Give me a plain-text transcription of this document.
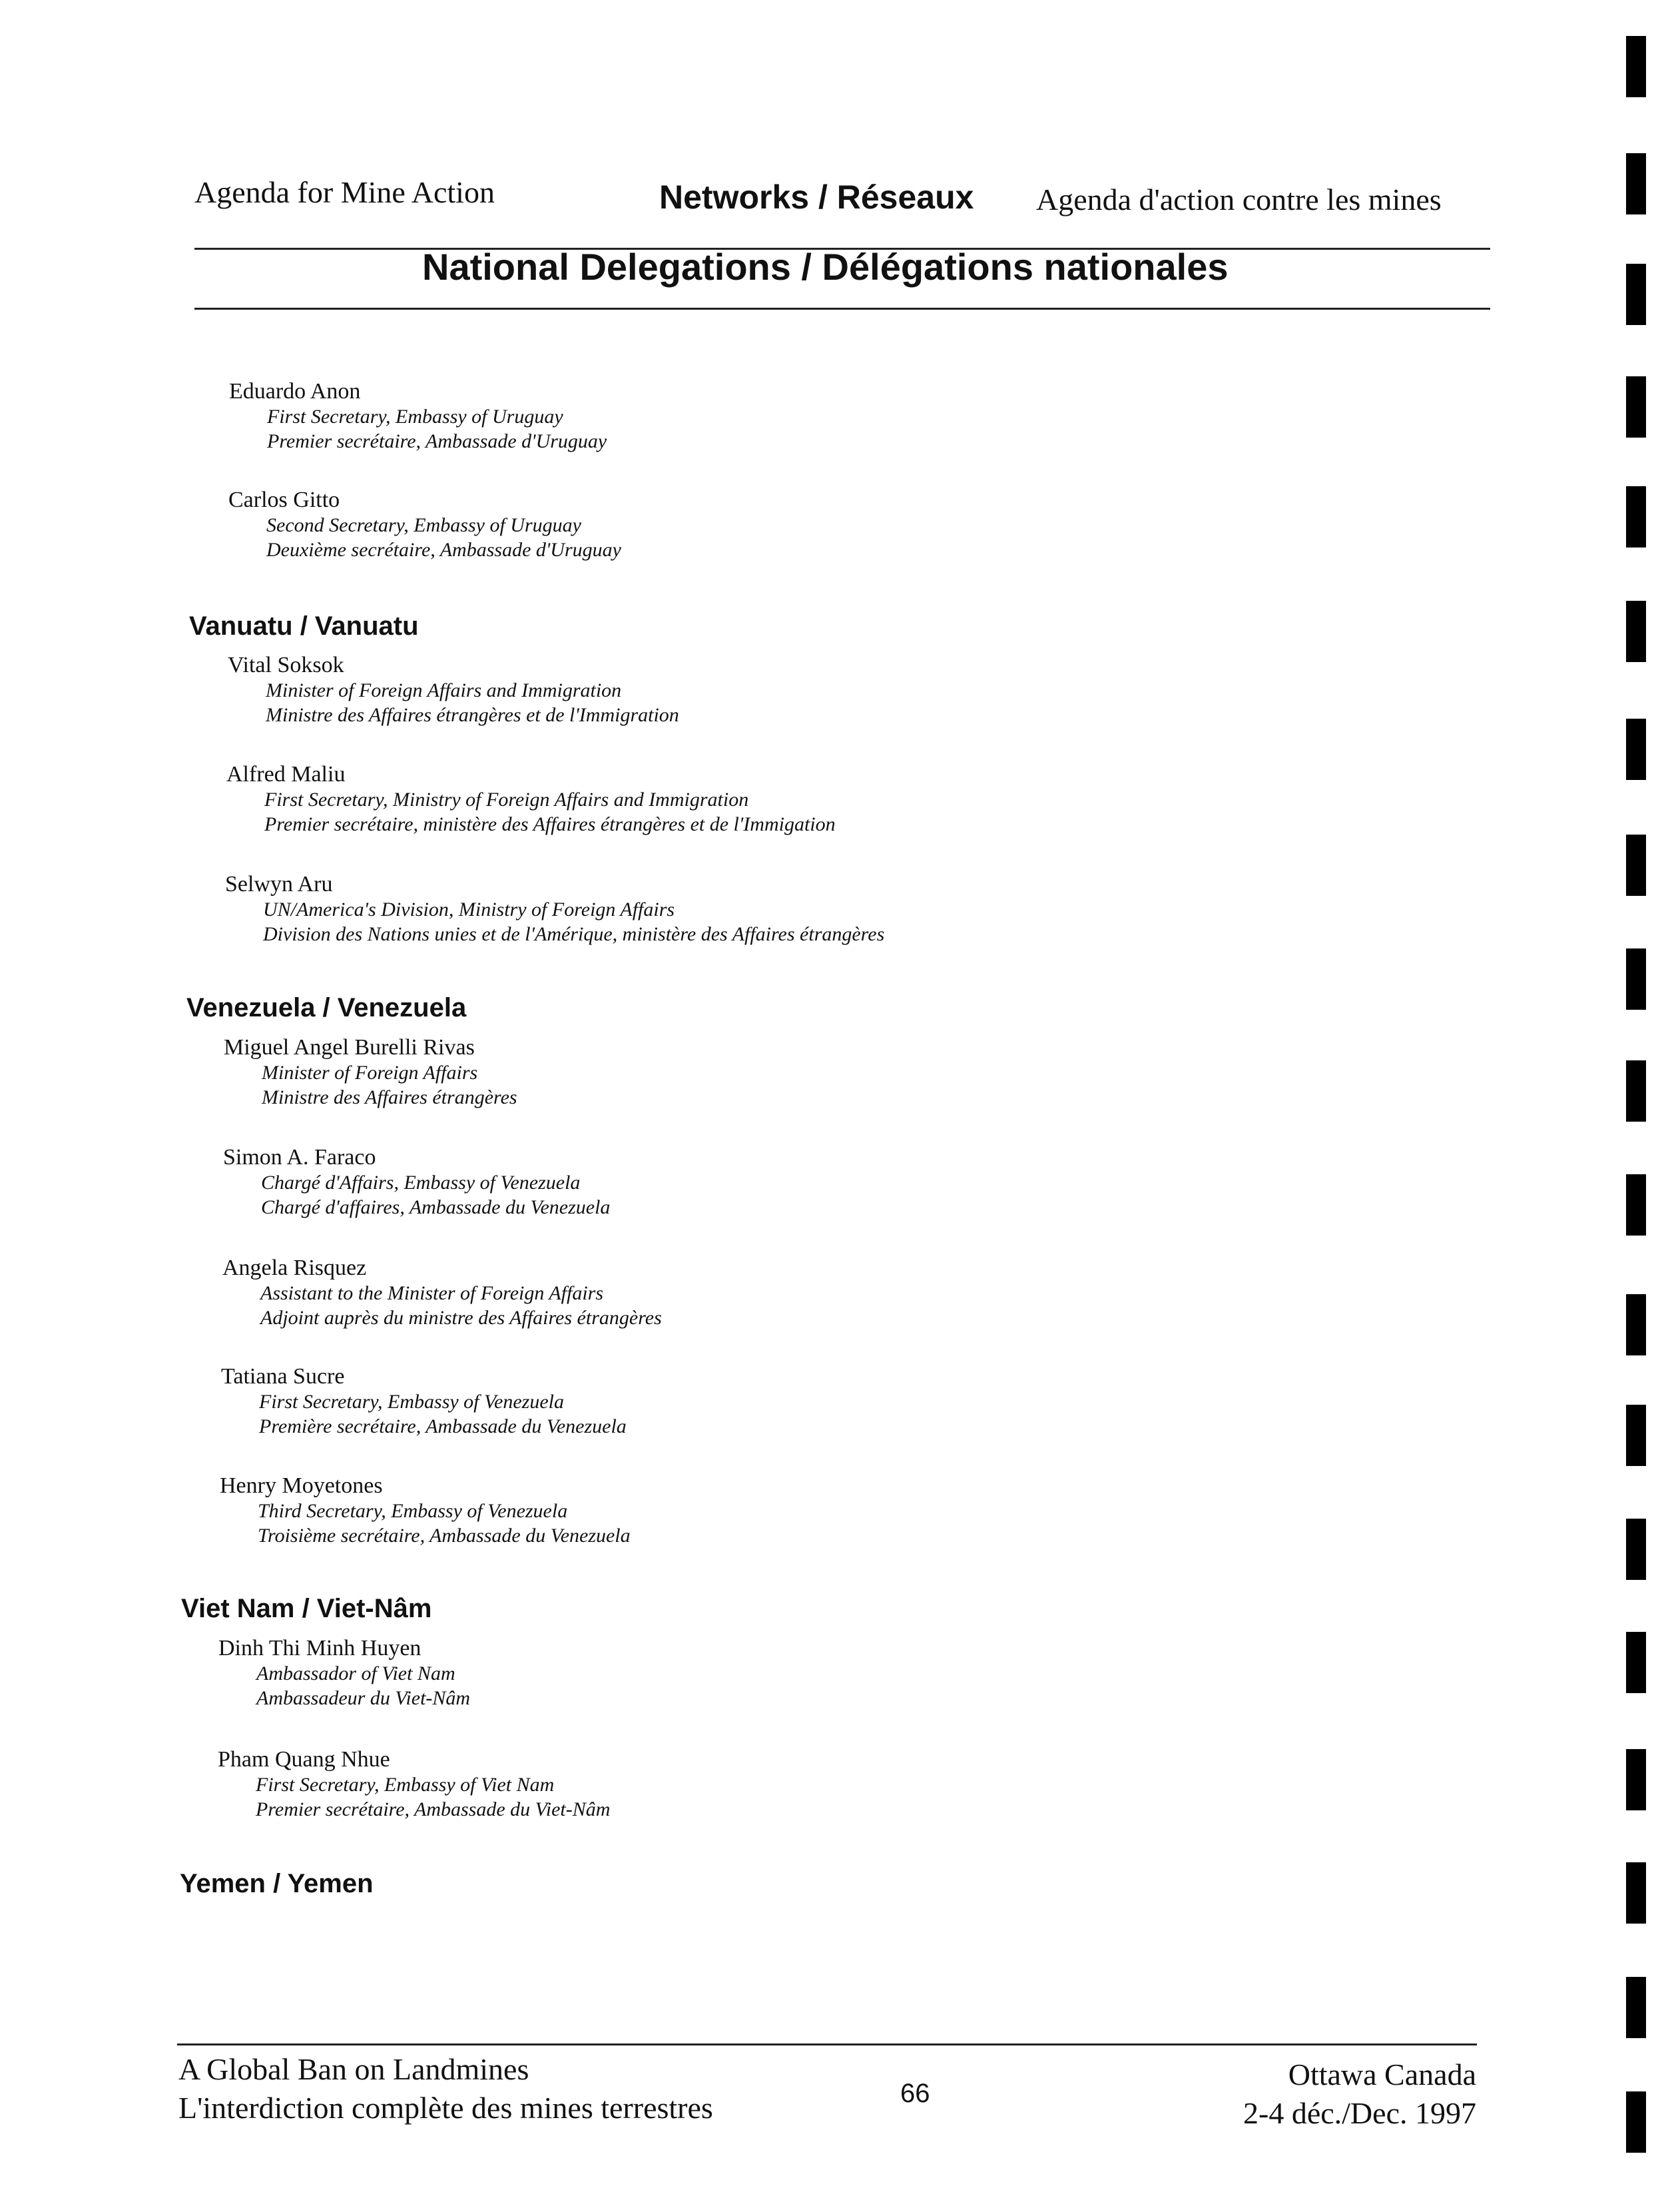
Agenda for Mine Action	Networks / Réseaux Agenda d'action contre les mines
National Delegations / Délégations nationales
Eduardo Anon
First Secretary, Embassy of Uruguay
Premier secrétaire, Ambassade d'Uruguay
Carlos Gitto
Second Secretary, Embassy of Uruguay
Deuxième secrétaire, Ambassade d'Uruguay
Vanuatu / Vanuatu
Vital Soksok
Minister of Foreign Affairs and Immigration
Ministre des Affaires étrangères et de l'Immigration
Alfred Maliu
First Secretary, Ministry of Foreign Affairs and Immigration
Premier secrétaire, ministère des Affaires étrangères et de l'Immigation
Selwyn Aru
UN/America's Division, Ministry of Foreign Affairs
Division des Nations unies et de l'Amérique, ministère des Affaires étrangères
Venezuela / Venezuela
Miguel Angel Burelli Rivas
Minister of Foreign Affairs
Ministre des Affaires étrangères
Simon A. Faraco
Chargé d'Affairs, Embassy of Venezuela
Chargé d'affaires, Ambassade du Venezuela
Angela Risquez
Assistant to the Minister of Foreign Affairs
Adjoint auprès du ministre des Affaires étrangères
Tatiana Sucre
First Secretary, Embassy of Venezuela
Première secrétaire, Ambassade du Venezuela
Henry Moyetones
Third Secretary, Embassy of Venezuela
Troisième secrétaire, Ambassade du Venezuela
Viet Nam / Viet-Nâm
Dinh Thi Minh Huyen
Ambassador of Viet Nam
Ambassadeur du Viet-Nâm
Pham Quang Nhue
First Secretary, Embassy of Viet Nam
Premier secrétaire, Ambassade du Viet-Nâm
Yemen / Yemen
A Global Ban on Landmines
L'interdiction complète des mines terrestres	66
Ottawa Canada
2-4 déc./Dec. 1997
